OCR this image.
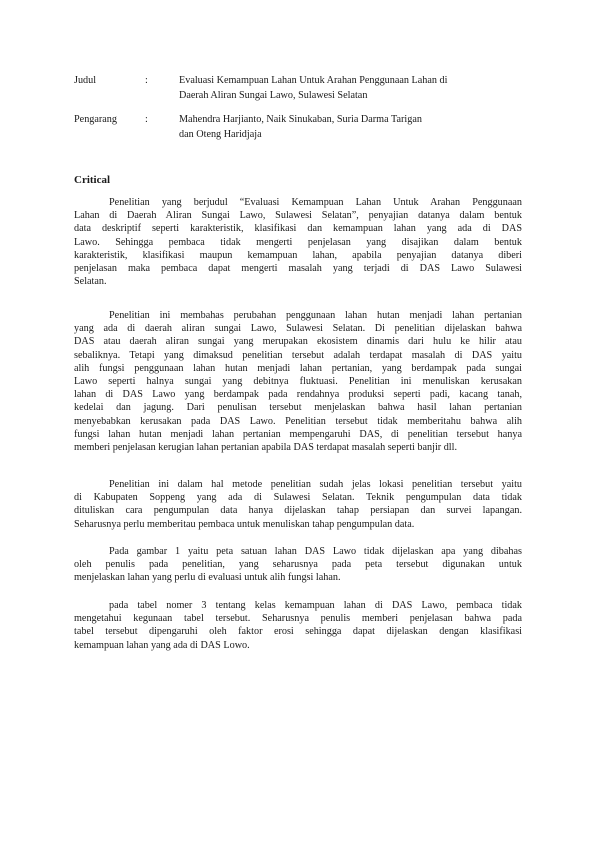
Judul	:	Evaluasi Kemampuan Lahan Untuk Arahan Penggunaan Lahan di
Daerah Aliran Sungai Lawo, Sulawesi Selatan
Pengarang	:	Mahendra Harjianto, Naik Sinukaban, Suria Darma Tarigan
dan Oteng Haridjaja
Critical
Penelitian yang berjudul “Evaluasi Kemampuan Lahan Untuk Arahan Penggunaan
Lahan di Daerah Aliran Sungai Lawo, Sulawesi Selatan”, penyajian datanya dalam bentuk
data deskriptif seperti karakteristik, klasifikasi dan kemampuan lahan yang ada di DAS
Lawo. Sehingga pembaca tidak mengerti penjelasan yang disajikan dalam bentuk
karakteristik, klasifikasi maupun kemampuan lahan, apabila penyajian datanya diberi
penjelasan maka pembaca dapat mengerti masalah yang terjadi di DAS Lawo Sulawesi
Selatan.
Penelitian ini membahas perubahan penggunaan lahan hutan menjadi lahan pertanian
yang ada di daerah aliran sungai Lawo, Sulawesi Selatan. Di penelitian dijelaskan bahwa
DAS atau daerah aliran sungai yang merupakan ekosistem dinamis dari hulu ke hilir atau
sebaliknya. Tetapi yang dimaksud penelitian tersebut adalah terdapat masalah di DAS yaitu
alih fungsi penggunaan lahan hutan menjadi lahan pertanian, yang berdampak pada sungai
Lawo seperti halnya sungai yang debitnya fluktuasi. Penelitian ini menuliskan kerusakan
lahan di DAS Lawo yang berdampak pada rendahnya produksi seperti padi, kacang tanah,
kedelai dan jagung. Dari penulisan tersebut menjelaskan bahwa hasil lahan pertanian
menyebabkan kerusakan pada DAS Lawo. Penelitian tersebut tidak memberitahu bahwa alih
fungsi lahan hutan menjadi lahan pertanian mempengaruhi DAS, di penelitian tersebut hanya
memberi penjelasan kerugian lahan pertanian apabila DAS terdapat masalah seperti banjir dll.
Penelitian ini dalam hal metode penelitian sudah jelas lokasi penelitian tersebut yaitu
di Kabupaten Soppeng yang ada di Sulawesi Selatan. Teknik pengumpulan data tidak
dituliskan cara pengumpulan data hanya dijelaskan tahap persiapan dan survei lapangan.
Seharusnya perlu memberitau pembaca untuk menuliskan tahap pengumpulan data.
Pada gambar 1 yaitu peta satuan lahan DAS Lawo tidak dijelaskan apa yang dibahas
oleh penulis pada penelitian, yang seharusnya pada peta tersebut digunakan untuk
menjelaskan lahan yang perlu di evaluasi untuk alih fungsi lahan.
pada tabel nomer 3 tentang kelas kemampuan lahan di DAS Lawo, pembaca tidak
mengetahui kegunaan tabel tersebut. Seharusnya penulis memberi penjelasan bahwa pada
tabel tersebut dipengaruhi oleh faktor erosi sehingga dapat dijelaskan dengan klasifikasi
kemampuan lahan yang ada di DAS Lowo.
